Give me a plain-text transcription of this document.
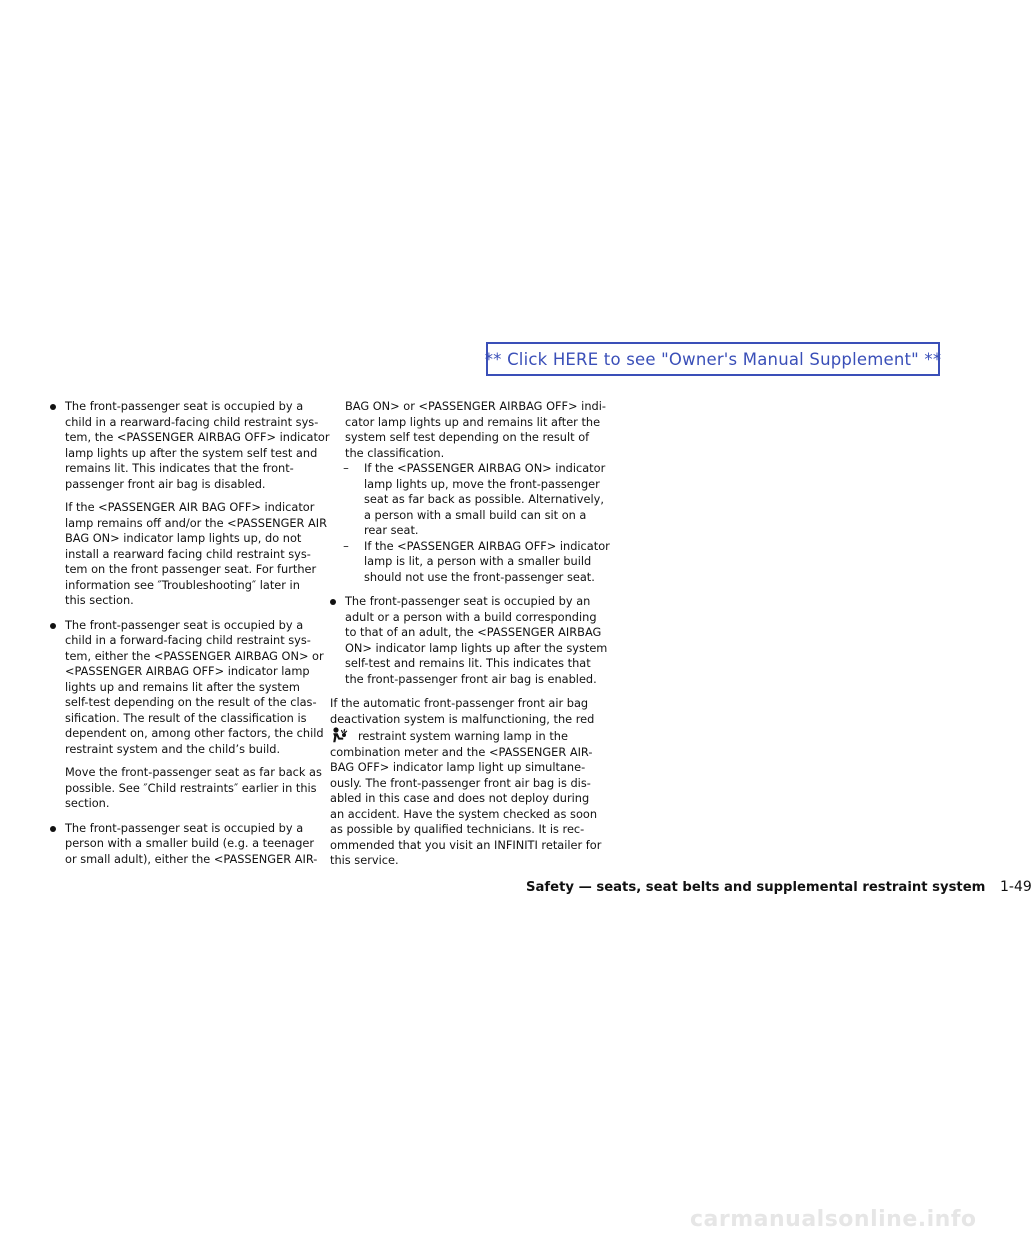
** Click HERE to see "Owner's Manual Supplement" **
The front-passenger seat is occupied by a
child in a rearward-facing child restraint sys-
tem, the <PASSENGER AIRBAG OFF> indicator
lamp lights up after the system self test and
remains lit. This indicates that the front-
passenger front air bag is disabled.
If the <PASSENGER AIR BAG OFF> indicator
lamp remains off and/or the <PASSENGER AIR
BAG ON> indicator lamp lights up, do not
install a rearward facing child restraint sys-
tem on the front passenger seat. For further
information see ″Troubleshooting″ later in
this section.
The front-passenger seat is occupied by a
child in a forward-facing child restraint sys-
tem, either the <PASSENGER AIRBAG ON> or
<PASSENGER AIRBAG OFF> indicator lamp
lights up and remains lit after the system
self-test depending on the result of the clas-
sification. The result of the classification is
dependent on, among other factors, the child
restraint system and the child’s build.
Move the front-passenger seat as far back as
possible. See ″Child restraints″ earlier in this
section.
The front-passenger seat is occupied by a
person with a smaller build (e.g. a teenager
or small adult), either the <PASSENGER AIR-
BAG ON> or <PASSENGER AIRBAG OFF> indi-
cator lamp lights up and remains lit after the
system self test depending on the result of
the classification.
–	If the <PASSENGER AIRBAG ON> indicator
lamp lights up, move the front-passenger
seat as far back as possible. Alternatively,
a person with a small build can sit on a
rear seat.
–	If the <PASSENGER AIRBAG OFF> indicator
lamp is lit, a person with a smaller build
should not use the front-passenger seat.
The front-passenger seat is occupied by an
adult or a person with a build corresponding
to that of an adult, the <PASSENGER AIRBAG
ON> indicator lamp lights up after the system
self-test and remains lit. This indicates that
the front-passenger front air bag is enabled.
If the automatic front-passenger front air bag
deactivation system is malfunctioning, the red
restraint system warning lamp in the
combination meter and the <PASSENGER AIR-
BAG OFF> indicator lamp light up simultane-
ously. The front-passenger front air bag is dis-
abled in this case and does not deploy during
an accident. Have the system checked as soon
as possible by qualified technicians. It is rec-
ommended that you visit an INFINITI retailer for
this service.
Safety — seats, seat belts and supplemental restraint system 1-49
carmanualsonline.info
